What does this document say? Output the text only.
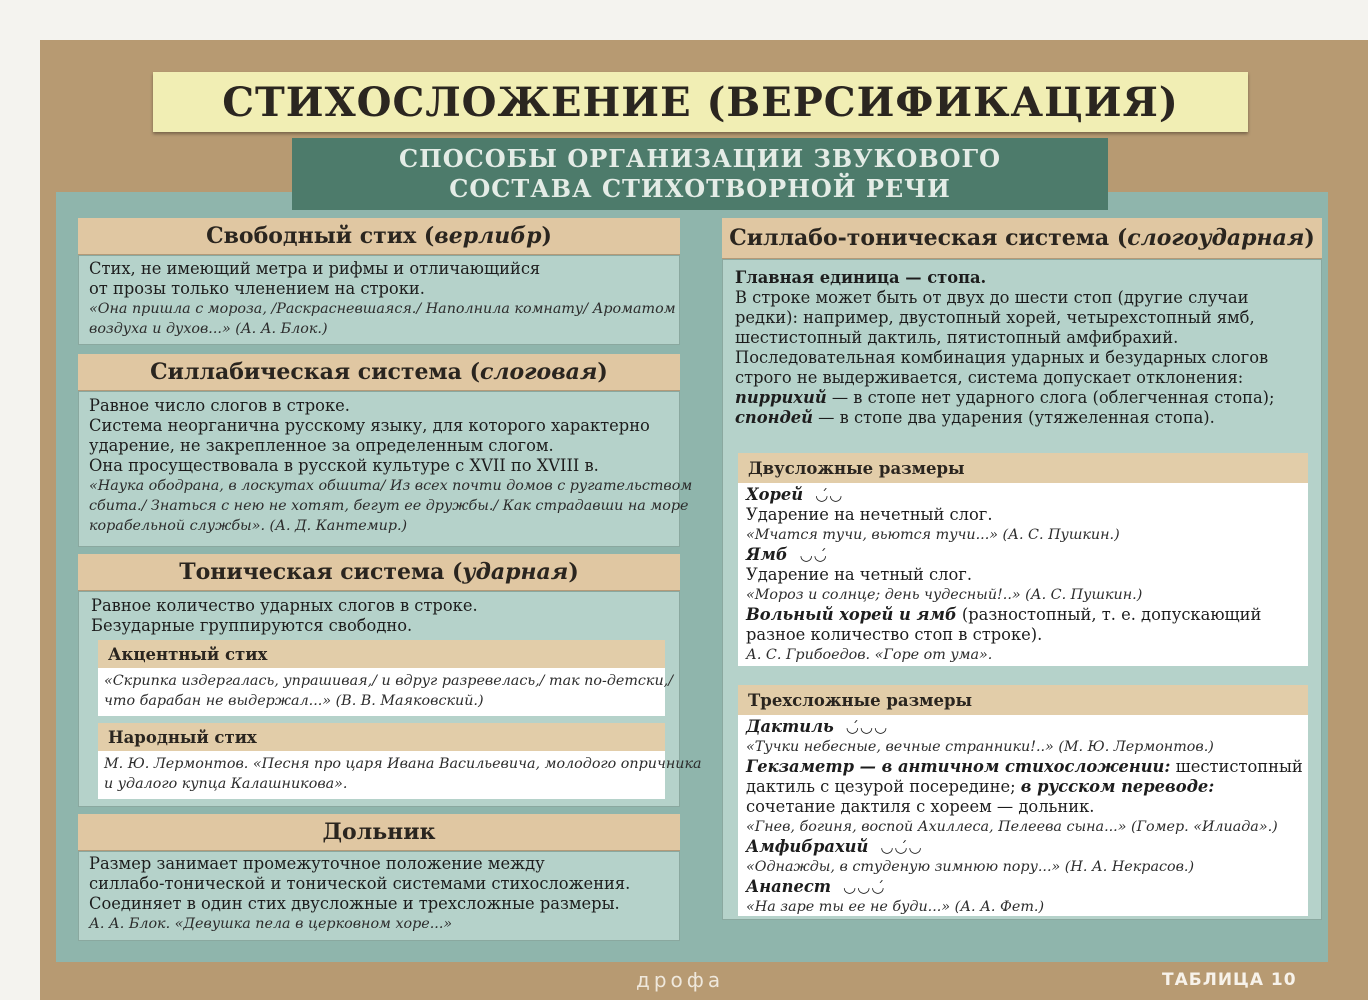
СТИХОСЛОЖЕНИЕ (ВЕРСИФИКАЦИЯ)
СПОСОБЫ ОРГАНИЗАЦИИ ЗВУКОВОГО
СОСТАВА СТИХОТВОРНОЙ РЕЧИ
Свободный стих (верлибр)
Стих, не имеющий метра и рифмы и отличающийся
от прозы только членением на строки.
«Она пришла с мороза, /Раскрасневшаяся./ Наполнила комнату/ Ароматом
воздуха и духов...» (А. А. Блок.)
Силлабическая система (слоговая)
Равное число слогов в строке.
Система неорганична русскому языку, для которого характерно
ударение, не закрепленное за определенным слогом.
Она просуществовала в русской культуре с XVII по XVIII в.
«Наука ободрана, в лоскутах обшита/ Из всех почти домов с ругательством
сбита./ Знаться с нею не хотят, бегут ее дружбы./ Как страдавши на море
корабельной службы». (А. Д. Кантемир.)
Тоническая система (ударная)
Равное количество ударных слогов в строке.
Безударные группируются свободно.
Акцентный стих
«Скрипка издергалась, упрашивая,/ и вдруг разревелась,/ так по-детски,/
что барабан не выдержал...» (В. В. Маяковский.)
Народный стих
М. Ю. Лермонтов. «Песня про царя Ивана Васильевича, молодого опричника
и удалого купца Калашникова».
Дольник
Размер занимает промежуточное положение между
силлабо-тонической и тонической системами стихосложения.
Соединяет в один стих двусложные и трехсложные размеры.
А. А. Блок. «Девушка пела в церковном хоре...»
Силлабо-тоническая система (слогоударная)
Главная единица — стопа.
В строке может быть от двух до шести стоп (другие случаи
редки): например, двустопный хорей, четырехстопный ямб,
шестистопный дактиль, пятистопный амфибрахий.
Последовательная комбинация ударных и безударных слогов
строго не выдерживается, система допускает отклонения:
пиррихий — в стопе нет ударного слога (облегченная стопа);
спондей — в стопе два ударения (утяжеленная стопа).
Двусложные размеры
Хорей ◡́◡
Ударение на нечетный слог.
«Мчатся тучи, вьются тучи...» (А. С. Пушкин.)
Ямб ◡◡́
Ударение на четный слог.
«Мороз и солнце; день чудесный!..» (А. С. Пушкин.)
Вольный хорей и ямб (разностопный, т. е. допускающий
разное количество стоп в строке).
А. С. Грибоедов. «Горе от ума».
Трехсложные размеры
Дактиль ◡́◡◡
«Тучки небесные, вечные странники!..» (М. Ю. Лермонтов.)
Гекзаметр — в античном стихосложении: шестистопный
дактиль с цезурой посередине; в русском переводе:
сочетание дактиля с хореем — дольник.
«Гнев, богиня, воспой Ахиллеса, Пелеева сына...» (Гомер. «Илиада».)
Амфибрахий ◡◡́◡
«Однажды, в студеную зимнюю пору...» (Н. А. Некрасов.)
Анапест ◡◡◡́
«На заре ты ее не буди...» (А. А. Фет.)
дрофа	ТАБЛИЦА 10
